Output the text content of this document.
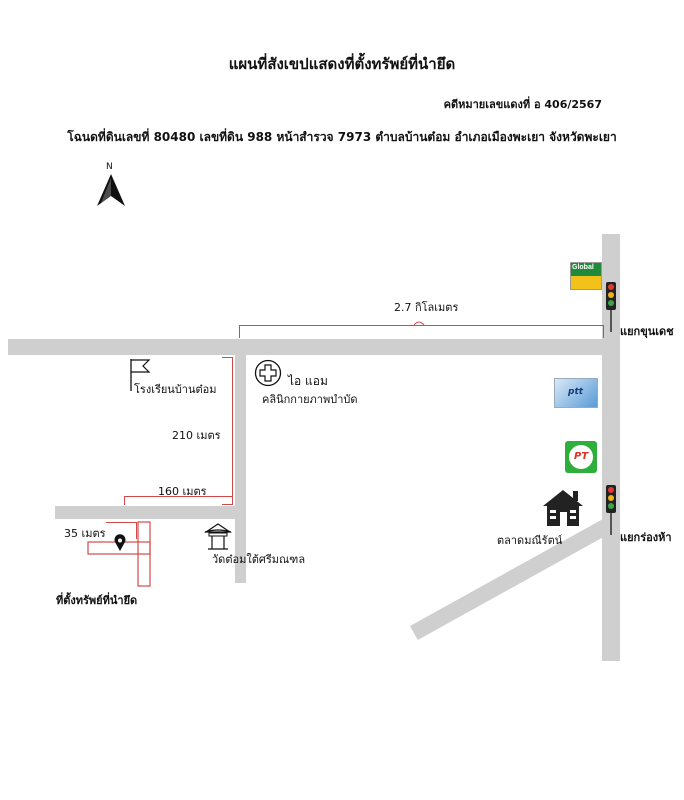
แผนที่สังเขปแสดงที่ตั้งทรัพย์ที่นำยึด
คดีหมายเลขแดงที่ อ 406/2567
โฉนดที่ดินเลขที่ 80480 เลขที่ดิน 988 หน้าสำรวจ 7973 ตำบลบ้านต๋อม อำเภอเมืองพะเยา จังหวัดพะเยา
N
2.7 กิโลเมตร
210 เมตร
160 เมตร
35 เมตร
ที่ตั้งทรัพย์ที่นำยึด
โรงเรียนบ้านต๋อม
ไอ แอม
คลินิกกายภาพบำบัด
วัดต๋อมใต้ศรีมณฑล
Global
แยกขุนเดช
แยกร่องห้า
ptt
PT
ตลาดมณีรัตน์
